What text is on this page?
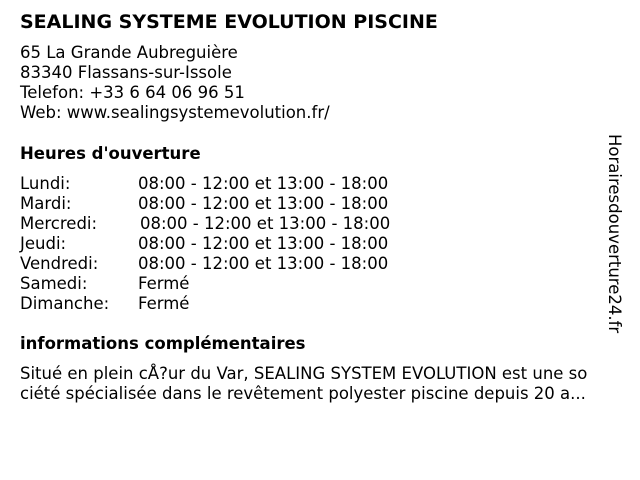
SEALING SYSTEME EVOLUTION PISCINE
65 La Grande Aubreguière
83340 Flassans-sur-Issole
Telefon: +33 6 64 06 96 51
Web: www.sealingsystemevolution.fr/
Heures d'ouverture
Lundi:	08:00 - 12:00 et 13:00 - 18:00
Mardi:	08:00 - 12:00 et 13:00 - 18:00
Mercredi:	08:00 - 12:00 et 13:00 - 18:00
Jeudi:	08:00 - 12:00 et 13:00 - 18:00
Vendredi: 08:00 - 12:00 et 13:00 - 18:00
Samedi:	Fermé
Dimanche: Fermé
informations complémentaires
Situé en plein cÅ?ur du Var, SEALING SYSTEM EVOLUTION est une so
ciété spécialisée dans le revêtement polyester piscine depuis 20 a...
Horairesdouverture24.fr
